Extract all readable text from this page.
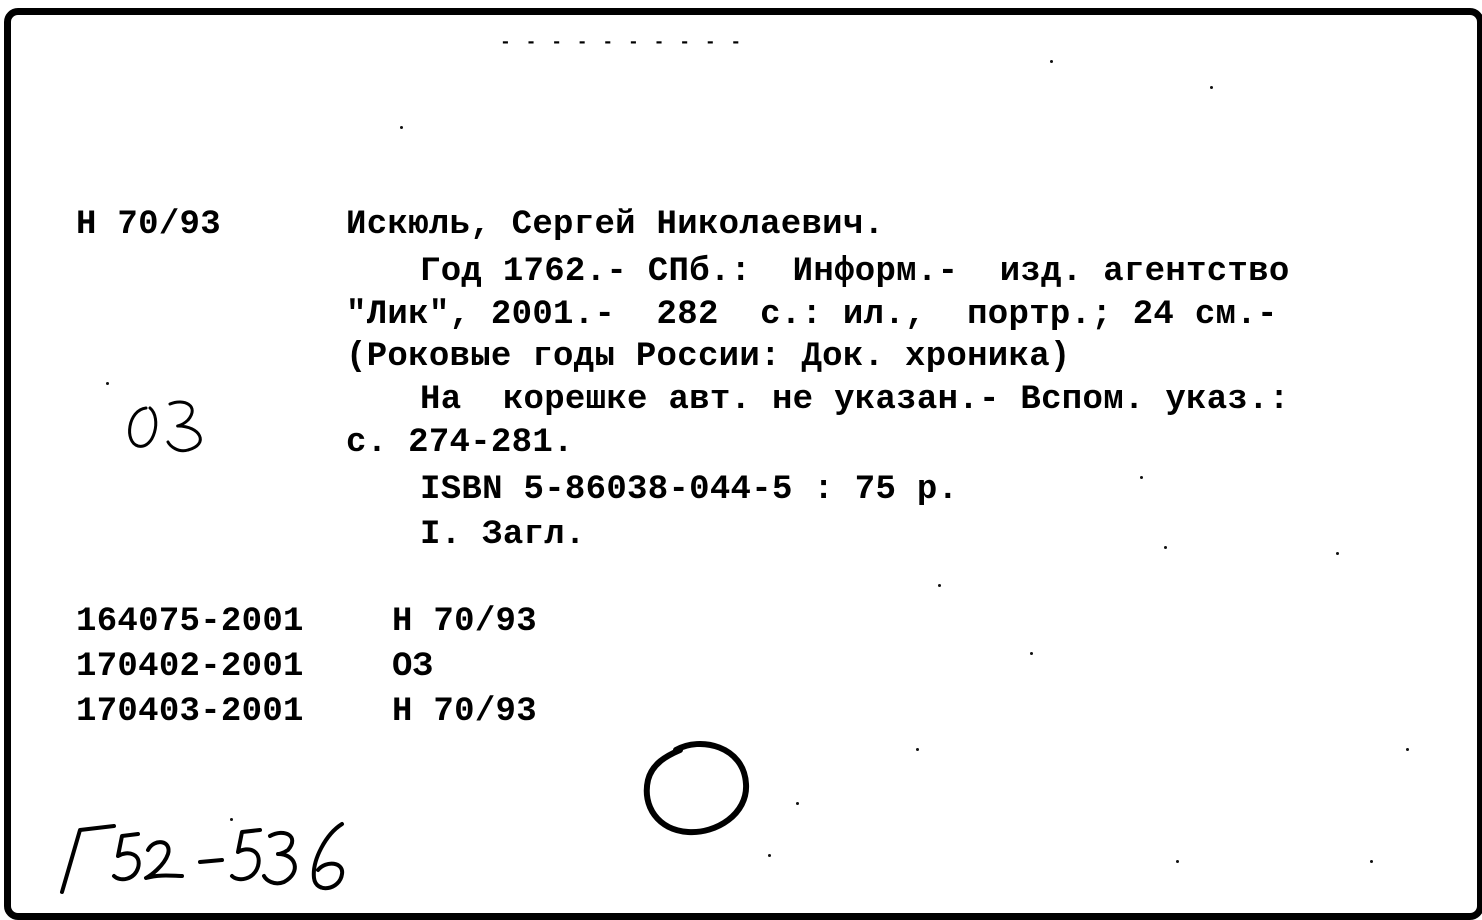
- - - - - - - - - -
Н 70/93	Искюль, Сергей Николаевич.
Год 1762.- СПб.:  Информ.-  изд. агентство
"Лик", 2001.-  282  с.: ил.,  портр.; 24 см.-
(Роковые годы России: Док. хроника)
На  корешке авт. не указан.- Вспом. указ.:
с. 274-281.
ISBN 5-86038-044-5 : 75 р.
I. Загл.
164075-2001	Н 70/93
170402-2001	ОЗ
170403-2001	Н 70/93
